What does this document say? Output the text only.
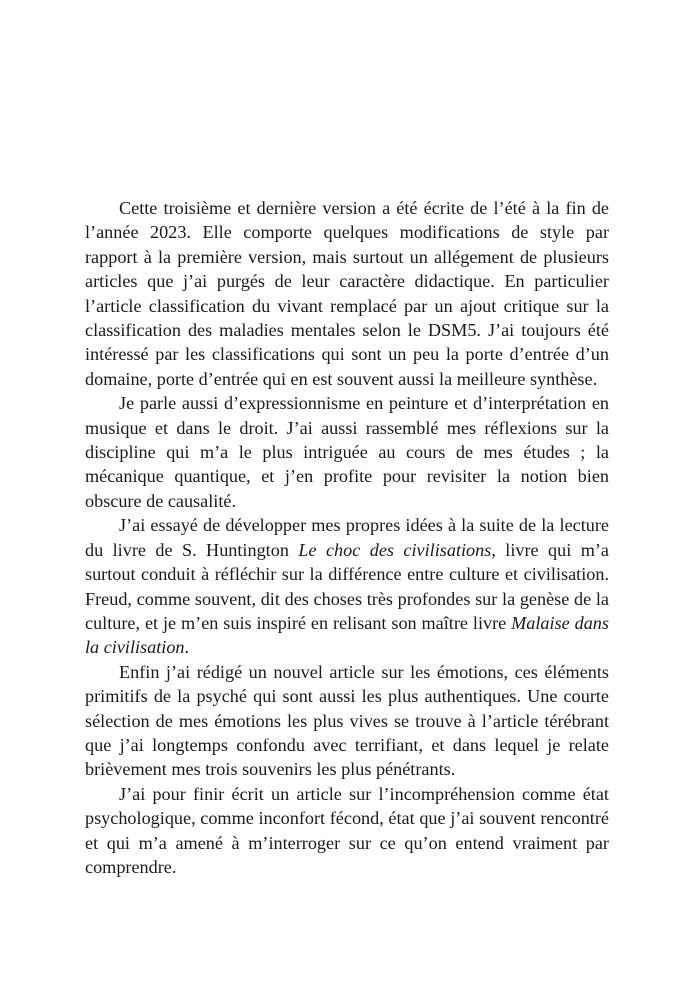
Cette troisième et dernière version a été écrite de l’été à la fin de l’année 2023. Elle comporte quelques modifications de style par rapport à la première version, mais surtout un allégement de plusieurs articles que j’ai purgés de leur caractère didactique. En particulier l’article classification du vivant remplacé par un ajout critique sur la classification des maladies mentales selon le DSM5. J’ai toujours été intéressé par les classifications qui sont un peu la porte d’entrée d’un domaine, porte d’entrée qui en est souvent aussi la meilleure synthèse.

Je parle aussi d’expressionnisme en peinture et d’interprétation en musique et dans le droit. J’ai aussi rassemblé mes réflexions sur la discipline qui m’a le plus intriguée au cours de mes études ; la mécanique quantique, et j’en profite pour revisiter la notion bien obscure de causalité.

J’ai essayé de développer mes propres idées à la suite de la lecture du livre de S. Huntington Le choc des civilisations, livre qui m’a surtout conduit à réfléchir sur la différence entre culture et civilisation. Freud, comme souvent, dit des choses très profondes sur la genèse de la culture, et je m’en suis inspiré en relisant son maître livre Malaise dans la civilisation.

Enfin j’ai rédigé un nouvel article sur les émotions, ces éléments primitifs de la psyché qui sont aussi les plus authentiques. Une courte sélection de mes émotions les plus vives se trouve à l’article térébrant que j’ai longtemps confondu avec terrifiant, et dans lequel je relate brièvement mes trois souvenirs les plus pénétrants.

J’ai pour finir écrit un article sur l’incompréhension comme état psychologique, comme inconfort fécond, état que j’ai souvent rencontré et qui m’a amené à m’interroger sur ce qu’on entend vraiment par comprendre.
